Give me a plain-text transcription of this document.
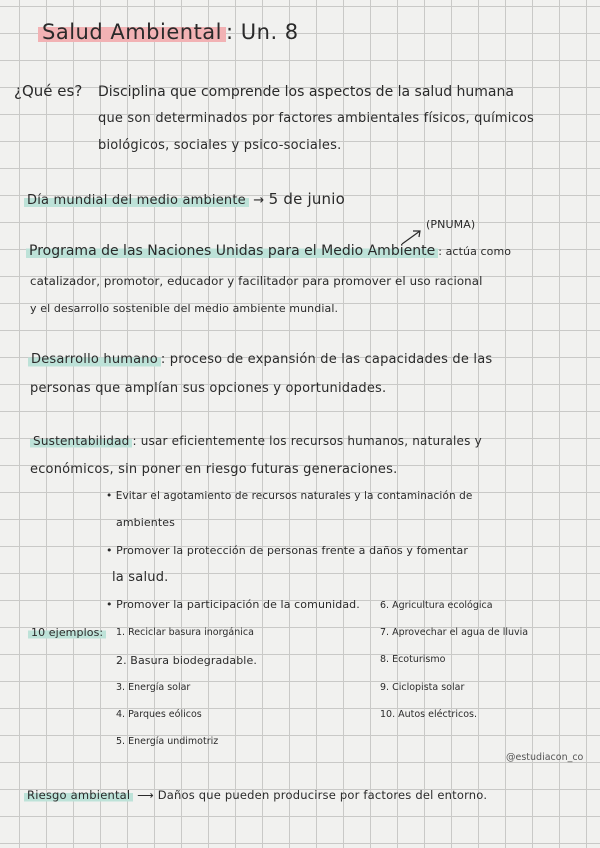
Salud Ambiental : Un. 8
¿Qué es? Disciplina que comprende los aspectos de la salud humana
que son determinados por factores ambientales físicos, químicos
biológicos, sociales y psico-sociales.
Día mundial del medio ambiente → 5 de junio
(PNUMA)
Programa de las Naciones Unidas para el Medio Ambiente : actúa como
catalizador, promotor, educador y facilitador para promover el uso racional
y el desarrollo sostenible del medio ambiente mundial.
Desarrollo humano : proceso de expansión de las capacidades de las
personas que amplían sus opciones y oportunidades.
Sustentabilidad : usar eficientemente los recursos humanos, naturales y
económicos, sin poner en riesgo futuras generaciones.
• Evitar el agotamiento de recursos naturales y la contaminación de
ambientes
• Promover la protección de personas frente a daños y fomentar
la salud.
• Promover la participación de la comunidad.
10 ejemplos:	1. Reciclar basura inorgánica
2. Basura biodegradable.
3. Energía solar
4. Parques eólicos
5. Energía undimotriz
6. Agricultura ecológica
7. Aprovechar el agua de lluvia
8. Ecoturismo
9. Ciclopista solar
10. Autos eléctricos.
@estudiacon_co
Riesgo ambiental ⟶ Daños que pueden producirse por factores del entorno.
